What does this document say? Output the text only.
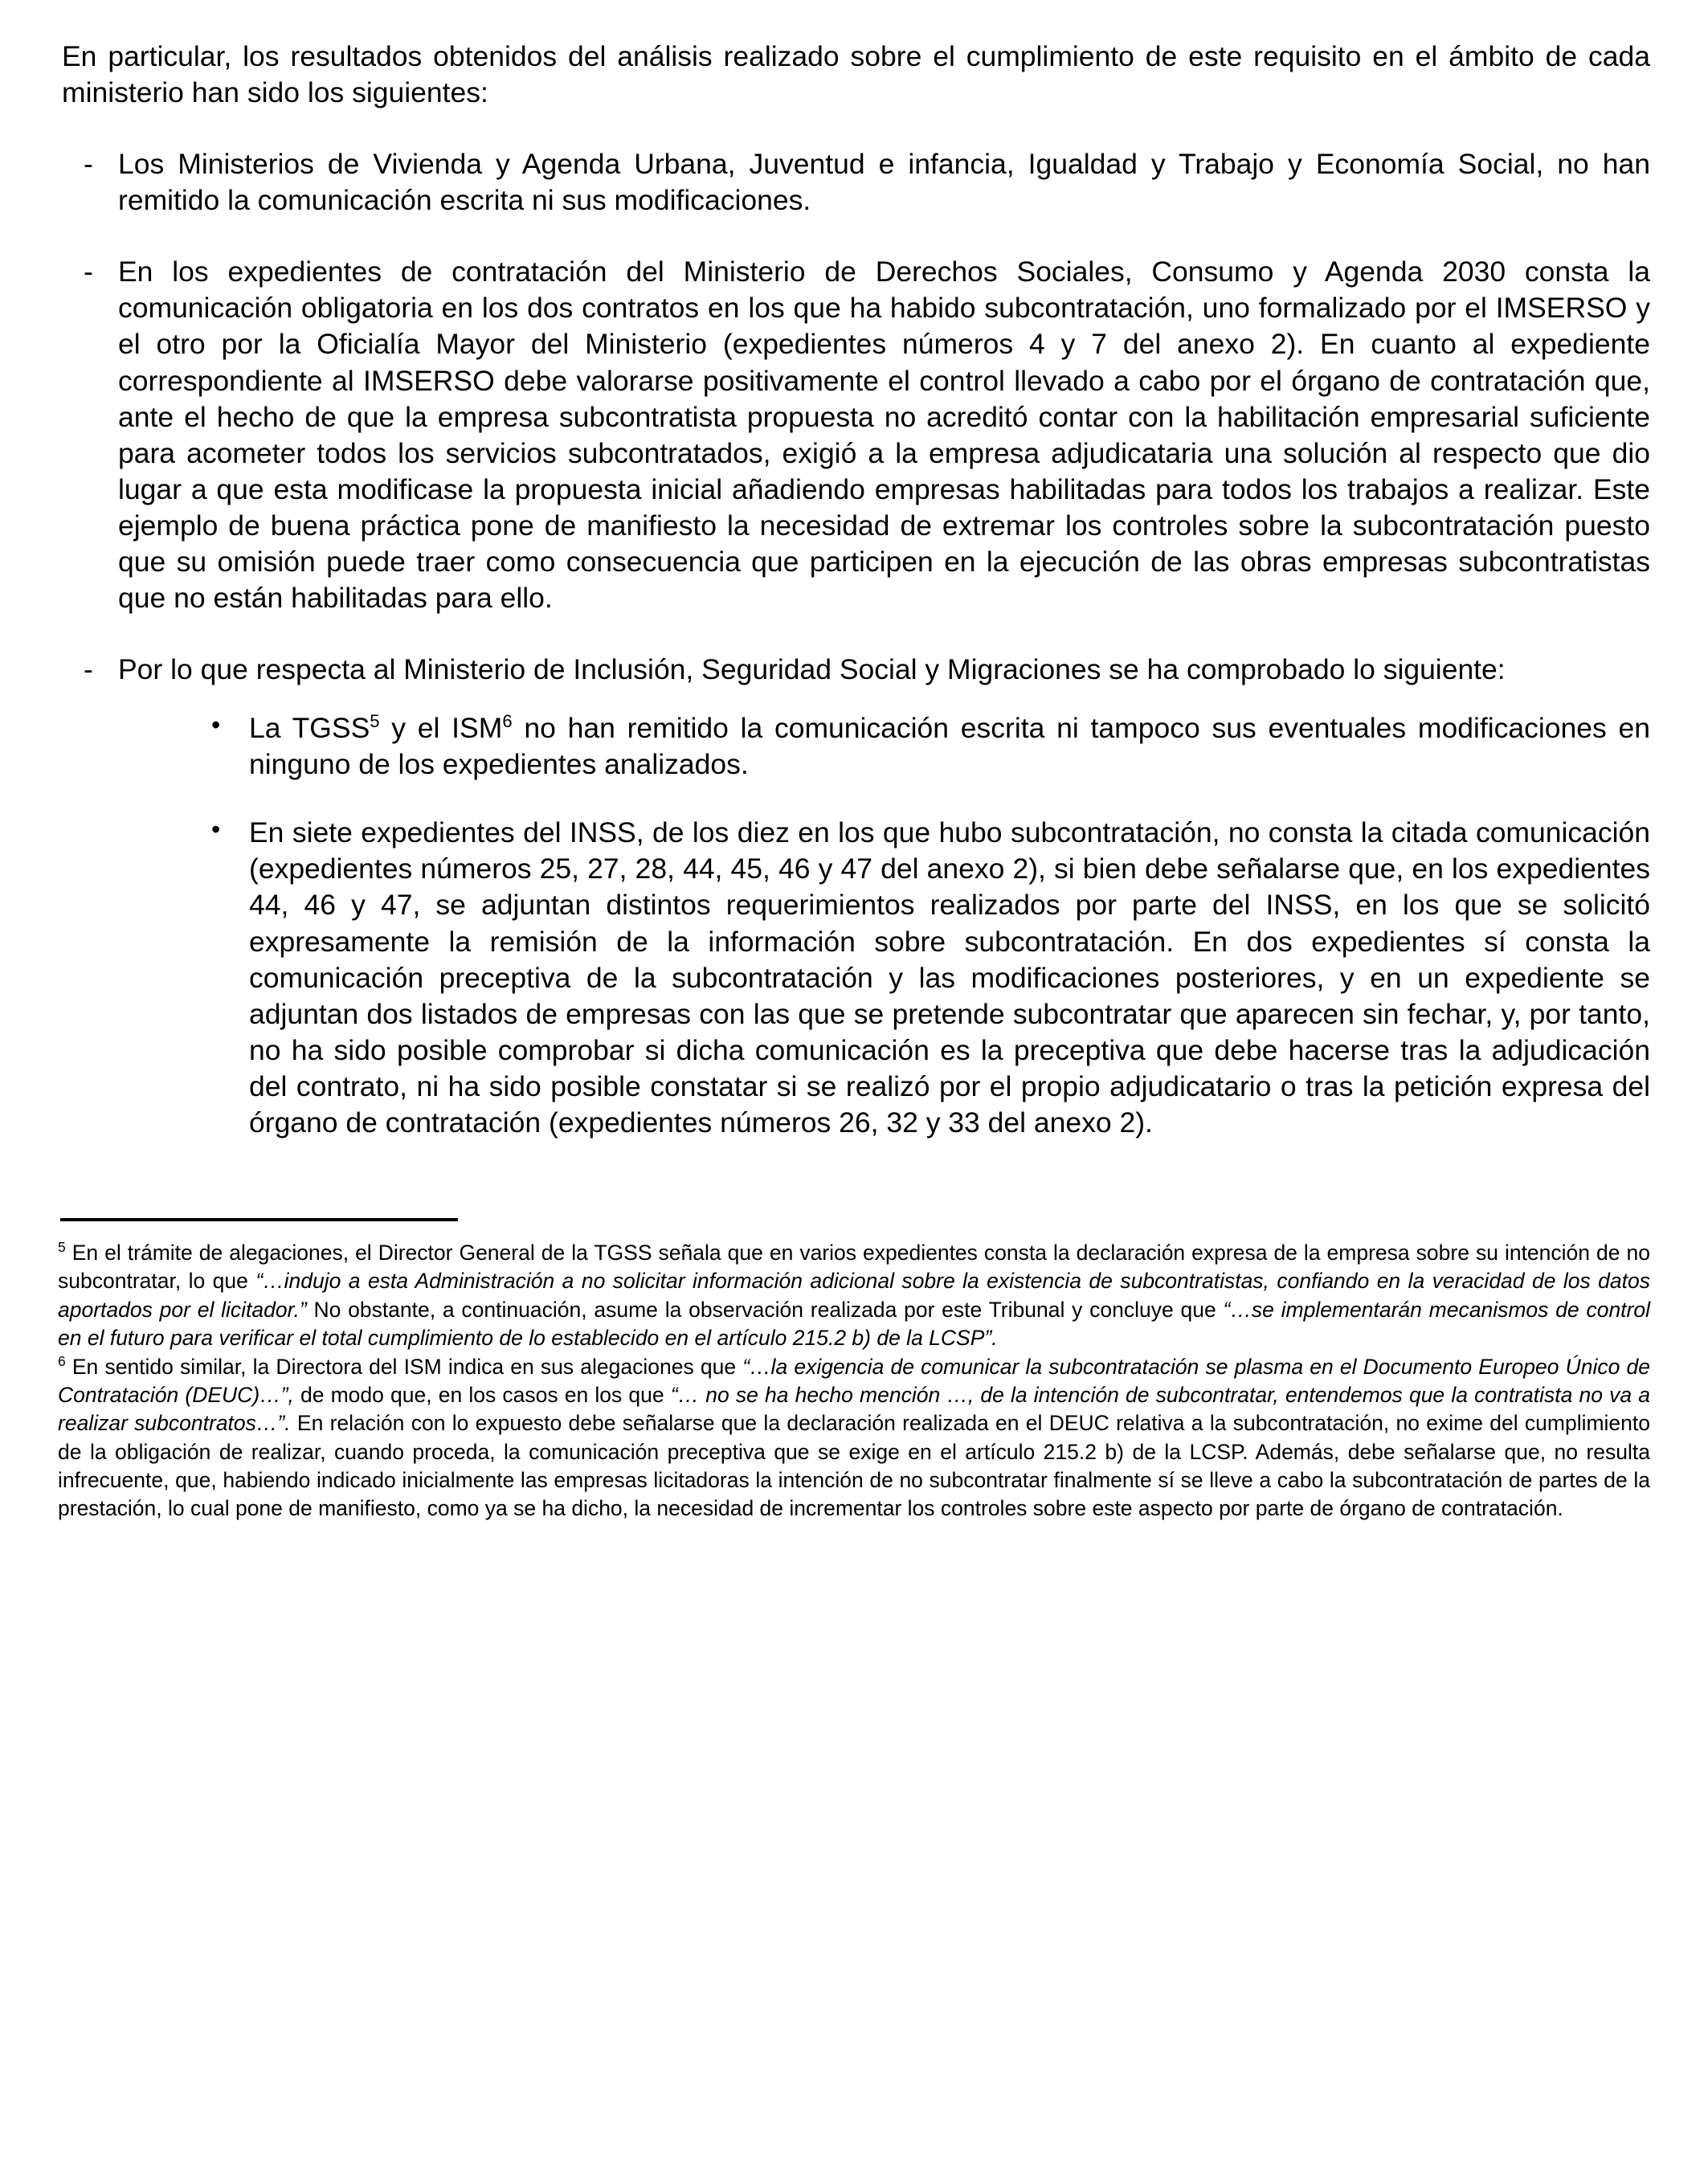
En particular, los resultados obtenidos del análisis realizado sobre el cumplimiento de este requisito en el ámbito de cada ministerio han sido los siguientes:

- Los Ministerios de Vivienda y Agenda Urbana, Juventud e infancia, Igualdad y Trabajo y Economía Social, no han remitido la comunicación escrita ni sus modificaciones.
- En los expedientes de contratación del Ministerio de Derechos Sociales, Consumo y Agenda 2030 consta la comunicación obligatoria en los dos contratos en los que ha habido subcontratación, uno formalizado por el IMSERSO y el otro por la Oficialía Mayor del Ministerio (expedientes números 4 y 7 del anexo 2). En cuanto al expediente correspondiente al IMSERSO debe valorarse positivamente el control llevado a cabo por el órgano de contratación que, ante el hecho de que la empresa subcontratista propuesta no acreditó contar con la habilitación empresarial suficiente para acometer todos los servicios subcontratados, exigió a la empresa adjudicataria una solución al respecto que dio lugar a que esta modificase la propuesta inicial añadiendo empresas habilitadas para todos los trabajos a realizar. Este ejemplo de buena práctica pone de manifiesto la necesidad de extremar los controles sobre la subcontratación puesto que su omisión puede traer como consecuencia que participen en la ejecución de las obras empresas subcontratistas que no están habilitadas para ello.
- Por lo que respecta al Ministerio de Inclusión, Seguridad Social y Migraciones se ha comprobado lo siguiente:
• La TGSS$^5$ y el ISM$^6$ no han remitido la comunicación escrita ni tampoco sus eventuales modificaciones en ninguno de los expedientes analizados.
• En siete expedientes del INSS, de los diez en los que hubo subcontratación, no consta la citada comunicación (expedientes números 25, 27, 28, 44, 45, 46 y 47 del anexo 2), si bien debe señalarse que, en los expedientes 44, 46 y 47, se adjuntan distintos requerimientos realizados por parte del INSS, en los que se solicitó expresamente la remisión de la información sobre subcontratación. En dos expedientes sí consta la comunicación preceptiva de la subcontratación y las modificaciones posteriores, y en un expediente se adjuntan dos listados de empresas con las que se pretende subcontratar que aparecen sin fechar, y, por tanto, no ha sido posible comprobar si dicha comunicación es la preceptiva que debe hacerse tras la adjudicación del contrato, ni ha sido posible constatar si se realizó por el propio adjudicatario o tras la petición expresa del órgano de contratación (expedientes números 26, 32 y 33 del anexo 2).

$^5$ En el trámite de alegaciones, el Director General de la TGSS señala que en varios expedientes consta la declaración expresa de la empresa sobre su intención de no subcontratar, lo que “…indujo a esta Administración a no solicitar información adicional sobre la existencia de subcontratistas, confiando en la veracidad de los datos aportados por el licitador.” No obstante, a continuación, asume la observación realizada por este Tribunal y concluye que “…se implementarán mecanismos de control en el futuro para verificar el total cumplimiento de lo establecido en el artículo 215.2 b) de la LCSP”.

$^6$ En sentido similar, la Directora del ISM indica en sus alegaciones que “…la exigencia de comunicar la subcontratación se plasma en el Documento Europeo Único de Contratación (DEUC)…”, de modo que, en los casos en los que “… no se ha hecho mención …, de la intención de subcontratar, entendemos que la contratista no va a realizar subcontratos…”. En relación con lo expuesto debe señalarse que la declaración realizada en el DEUC relativa a la subcontratación, no exime del cumplimiento de la obligación de realizar, cuando proceda, la comunicación preceptiva que se exige en el artículo 215.2 b) de la LCSP. Además, debe señalarse que, no resulta infrecuente, que, habiendo indicado inicialmente las empresas licitadoras la intención de no subcontratar finalmente sí se lleve a cabo la subcontratación de partes de la prestación, lo cual pone de manifiesto, como ya se ha dicho, la necesidad de incrementar los controles sobre este aspecto por parte de órgano de contratación.
